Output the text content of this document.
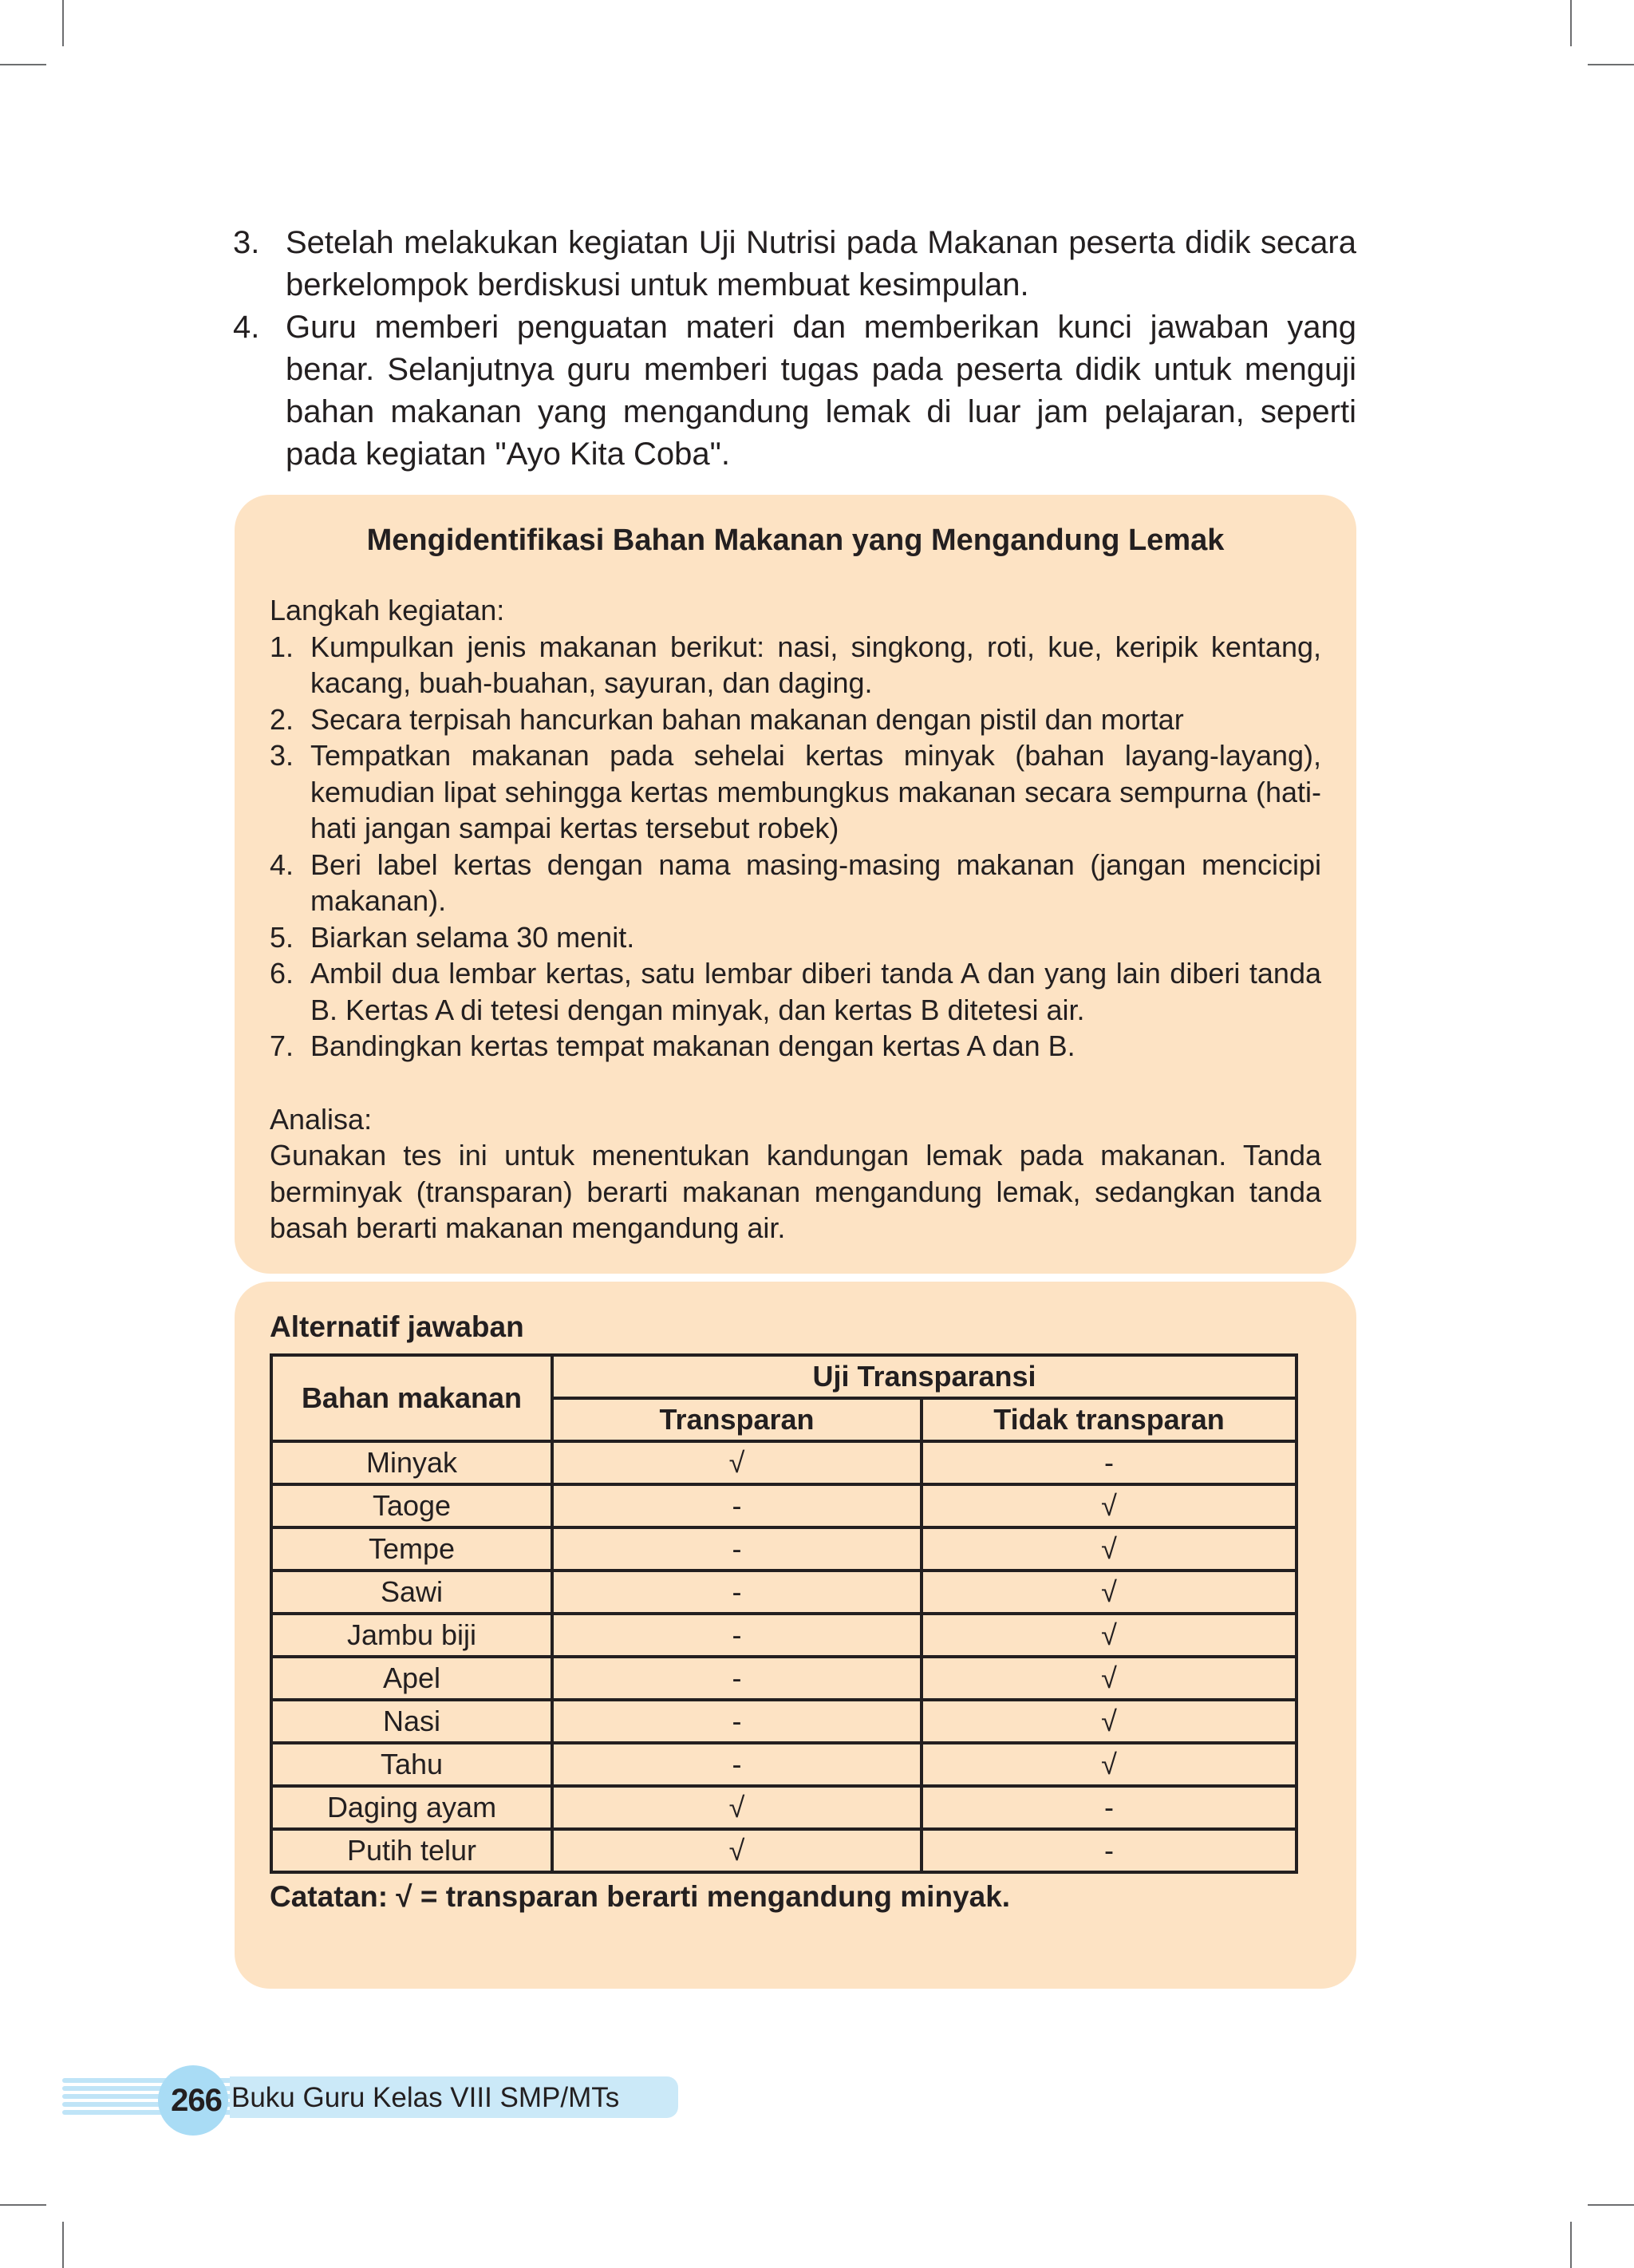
3. Setelah melakukan kegiatan Uji Nutrisi pada Makanan peserta didik secara berkelompok berdiskusi untuk membuat kesimpulan.
4. Guru memberi penguatan materi dan memberikan kunci jawaban yang benar. Selanjutnya guru memberi tugas pada peserta didik untuk menguji bahan makanan yang mengandung lemak di luar jam pelajaran, seperti pada kegiatan "Ayo Kita Coba".
Mengidentifikasi Bahan Makanan yang Mengandung Lemak
Langkah kegiatan:
1. Kumpulkan jenis makanan berikut: nasi, singkong, roti, kue, keripik kentang, kacang, buah-buahan, sayuran, dan daging.
2. Secara terpisah hancurkan bahan makanan dengan pistil dan mortar
3. Tempatkan makanan pada sehelai kertas minyak (bahan layang-layang), kemudian lipat sehingga kertas membungkus makanan secara sempurna (hati-hati jangan sampai kertas tersebut robek)
4. Beri label kertas dengan nama masing-masing makanan (jangan mencicipi makanan).
5. Biarkan selama 30 menit.
6. Ambil dua lembar kertas, satu lembar diberi tanda A dan yang lain diberi tanda B. Kertas A di tetesi dengan minyak, dan kertas B ditetesi air.
7. Bandingkan kertas tempat makanan dengan kertas A dan B.
Analisa:
Gunakan tes ini untuk menentukan kandungan lemak pada makanan. Tanda berminyak (transparan) berarti makanan mengandung lemak, sedangkan tanda basah berarti makanan mengandung air.
Alternatif jawaban
Bahan makanan	Uji Transparansi	
	Transparan	Tidak transparan
Minyak	√	-
Taoge	-	√
Tempe	-	√
Sawi	-	√
Jambu biji	-	√
Apel	-	√
Nasi	-	√
Tahu	-	√
Daging ayam	√	-
Putih telur	√	-
Catatan: √ = transparan berarti mengandung minyak.
266 Buku Guru Kelas VIII SMP/MTs
